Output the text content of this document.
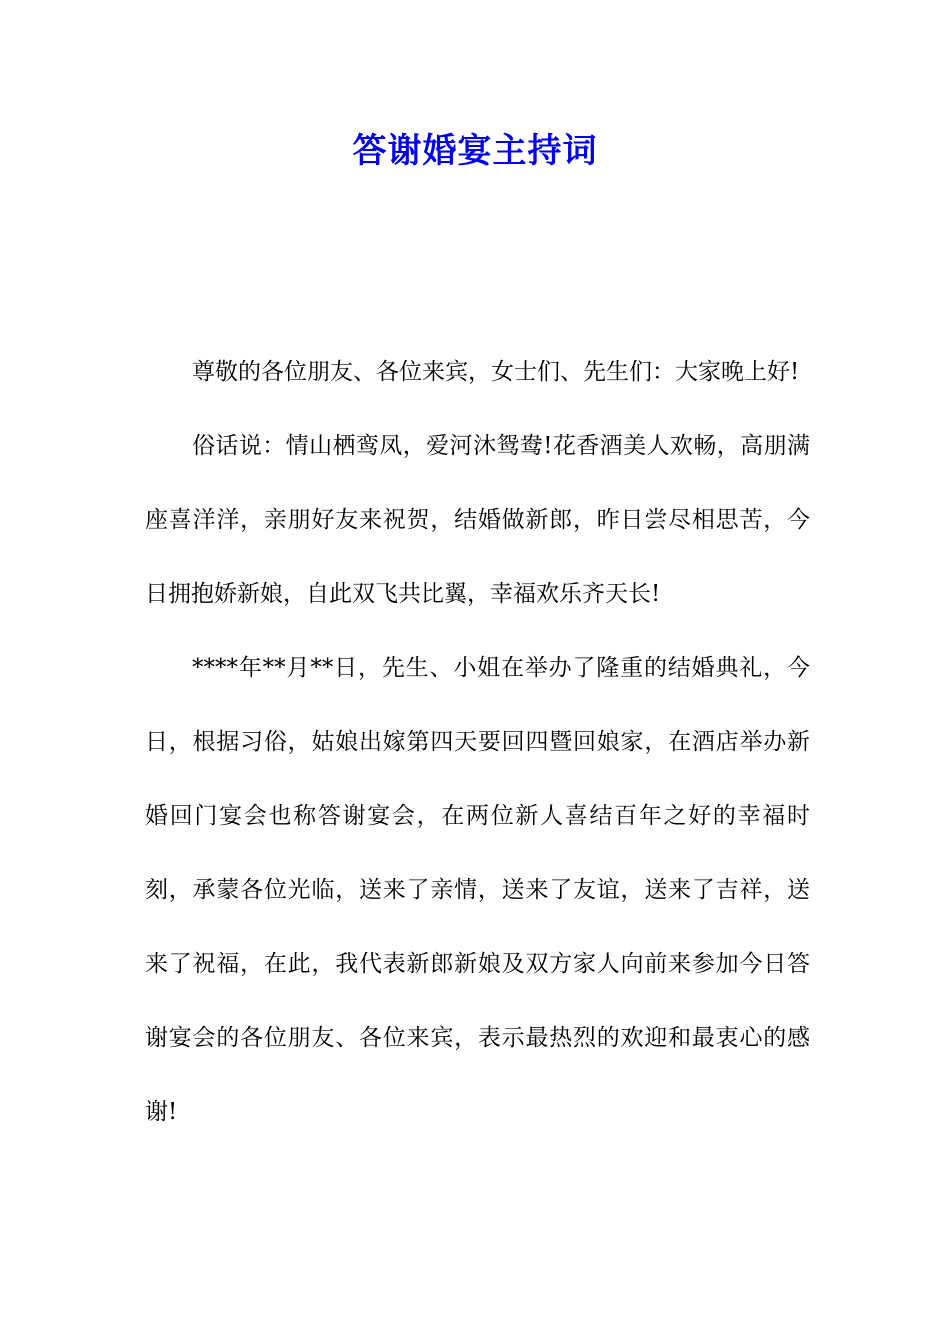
答谢婚宴主持词

尊敬的各位朋友、各位来宾，女士们、先生们：大家晚上好!

俗话说：情山栖鸾凤，爱河沐鸳鸯!花香酒美人欢畅，高朋满座喜洋洋，亲朋好友来祝贺，结婚做新郎，昨日尝尽相思苦，今日拥抱娇新娘，自此双飞共比翼，幸福欢乐齐天长!

****年**月**日，先生、小姐在举办了隆重的结婚典礼，今日，根据习俗，姑娘出嫁第四天要回四暨回娘家，在酒店举办新婚回门宴会也称答谢宴会，在两位新人喜结百年之好的幸福时刻，承蒙各位光临，送来了亲情，送来了友谊，送来了吉祥，送来了祝福，在此，我代表新郎新娘及双方家人向前来参加今日答谢宴会的各位朋友、各位来宾，表示最热烈的欢迎和最衷心的感谢!
